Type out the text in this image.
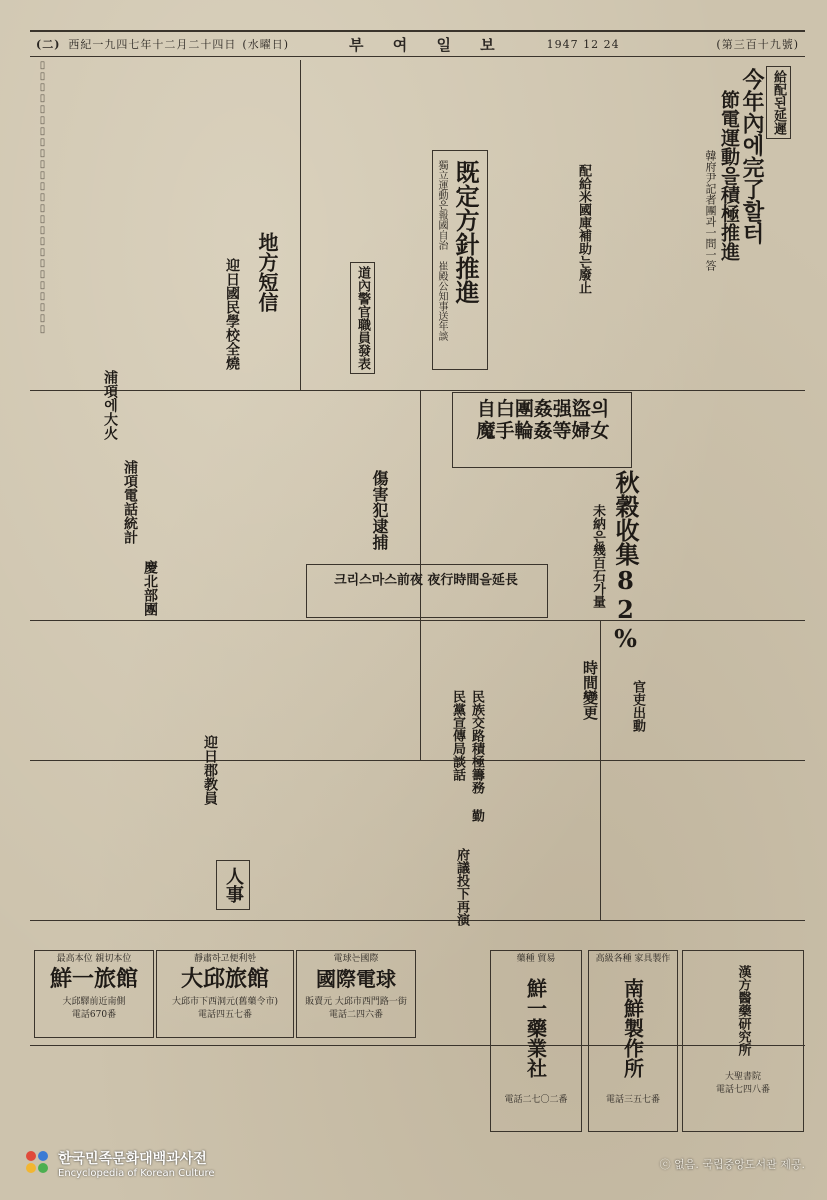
(二) 西紀一九四七年十二月二十四日 (水曜日)	부 여 일 보	1947 12 24	(第三百十九號)
給配된延遲
今年內에完了할터
節電運動을積極推進
韓府尹記者團과一問一答
既定方針推進
獨立運動은報國自治 崔殿公知事送年談	配給米國庫補助는廢止
地方短信
迎日國民學校全燒	道內警官職員發表
自白團姦强盜의魔手輪姦等婦女
秋穀收集82%
未納은幾百石가量
크리스마스前夜 夜行時間을延長
浦項에大火
浦項電話統計	傷害犯逮捕
時間變更
民族交路積極籌務 勤民黨宣傳局談話
慶北部團
迎日郡教員
人事	府議投下再演
官吏出動
▯▯▯▯▯▯▯▯▯▯▯▯▯▯▯▯▯▯▯▯▯▯▯▯▯
最高本位 親切本位
鮮一旅館
大邱驛前近南側
電話670番
靜肅하고便利한
大邱旅館
大邱市下西洞元(舊藥令市)
電話四五七番
電球는國際
國際電球
販賣元 大邱市西門路一街
電話二四六番
藥種 貿易
鮮一藥業社
電話二七〇二番
高級各種 家具製作
南鮮製作所
電話三五七番
漢方醫藥研究所
大聖書院
電話七四八番
한국민족문화대백과사전
Encyclopedia of Korean Culture
ⓒ 없음. 국립중앙도서관 제공.
